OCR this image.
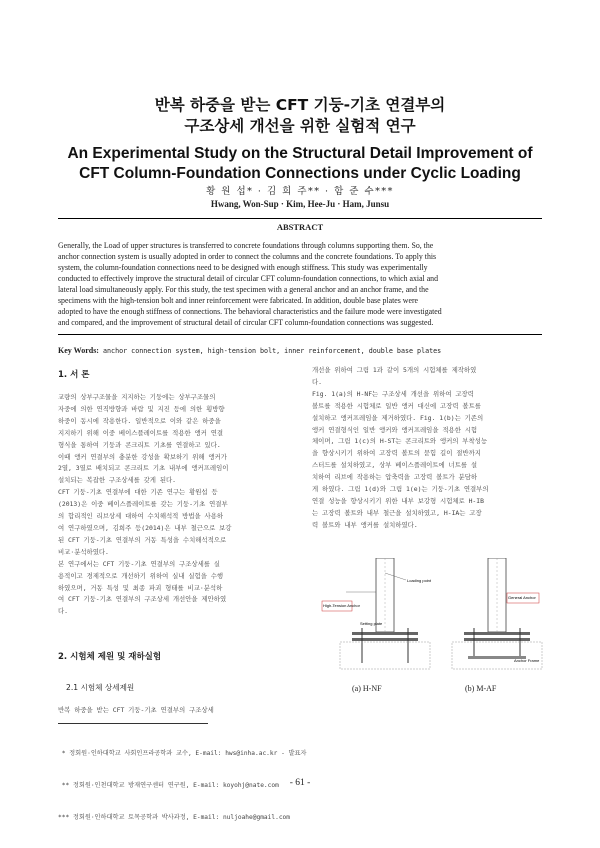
반복 하중을 받는 CFT 기둥-기초 연결부의
구조상세 개선을 위한 실험적 연구
An Experimental Study on the Structural Detail Improvement of
CFT Column-Foundation Connections under Cyclic Loading
황 원 섭* · 김 희 주** · 함 준 수***
Hwang, Won-Sup · Kim, Hee-Ju · Ham, Junsu
ABSTRACT
Generally, the Load of upper structures is transferred to concrete foundations through columns supporting them. So, the
anchor connection system is usually adopted in order to connect the columns and the concrete foundations. To apply this
system, the column-foundation connections need to be designed with enough stiffness. This study was experimentally
conducted to effectively improve the structural detail of circular CFT column-foundation connections, to which axial and
lateral load simultaneously apply. For this study, the test specimen with a general anchor and an anchor frame, and the
specimens with the high-tension bolt and inner reinforcement were fabricated. In addition, double base plates were
adopted to have the enough stiffness of connections. The behavioral characteristics and the failure mode were investigated
and compared, and the improvement of structural detail of circular CFT column-foundation connections was suggested.
Key Words: anchor connection system, high-tension bolt, inner reinforcement, double base plates
1. 서 론

교량의 상부구조물을 지지하는 기둥에는 상부구조물의

자중에 의한 연직방향과 바람 및 지진 등에 의한 횡방향

하중이 동시에 작용한다. 일반적으로 이와 같은 하중을

지지하기 위해 이중 베이스플레이트를 적용한 앵커 연결

형식을 통하여 기둥과 콘크리트 기초를 연결하고 있다.

이때 앵커 연결부의 충분한 강성을 확보하기 위해 앵커가

2열, 3열로 배치되고 콘크리트 기초 내부에 앵커프레임이

설치되는 복잡한 구조상세를 갖게 된다.

CFT 기둥-기초 연결부에 대한 기존 연구는 황원섭 등

(2013)은 이중 베이스플레이트를 갖는 기둥-기초 연결부

의 합리적인 리브상세 대하여 수치해석적 방법을 사용하

여 연구하였으며, 김희주 등(2014)은 내부 철근으로 보강

된 CFT 기둥-기초 연결부의 거동 특성을 수치해석적으로

비교·분석하였다.

본 연구에서는 CFT 기둥-기초 연결부의 구조상세를 실

용적이고 경제적으로 개선하기 위하여 실내 실험을 수행

하였으며, 거동 특성 및 최종 파괴 형태를 비교·분석하

여 CFT 기둥-기초 연결부의 구조상세 개선안을 제안하였

다.

2. 시험체 제원 및 재하실험
2.1 시험체 상세제원
반복 하중을 받는 CFT 기둥-기초 연결부의 구조상세

개선을 위하여 그림 1과 같이 5개의 시험체를 제작하였

다.

Fig. 1(a)의 H-NF는 구조상세 개선을 위하여 고장력

볼트를 적용한 시험체로 일반 앵커 대신에 고장력 볼트를

설치하고 앵커프레임을 제거하였다. Fig. 1(b)는 기존의

앵커 연결형식인 일반 앵커와 앵커프레임을 적용한 시험

체이며, 그림 1(c)의 H-ST는 콘크리트와 앵커의 부착성능

을 향상시키기 위하여 고장력 볼트의 묻힘 길이 절반까지

스터드를 설치하였고, 상부 베이스플레이트에 너트를 설

치하여 리브에 작용하는 압축력을 고장력 볼트가 분담하

게 하였다. 그림 1(d)와 그림 1(e)는 기둥-기초 연결부의

연결 성능을 향상시키기 위한 내부 보강형 시험체로 H-IB

는 고장력 볼트와 내부 철근을 설치하였고, H-IA는 고장

력 볼트와 내부 앵커를 설치하였다.

Loading point
High-Tension Anchor
Setting plate
General Anchor
Anchor Frame
(a) H-NF	(b) M-AF

* 정회원·인하대학교 사회인프라공학과 교수, E-mail: hws@inha.ac.kr - 발표자

** 정회원·인천대학교 방재연구센터 연구원, E-mail: koyohj@nate.com

*** 정회원·인하대학교 토목공학과 박사과정, E-mail: nuljoahe@gmail.com

- 61 -
